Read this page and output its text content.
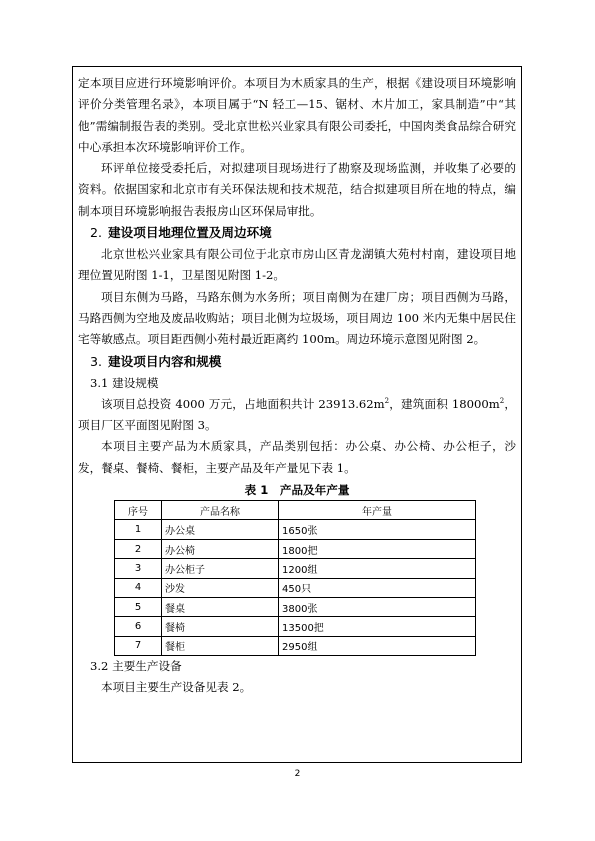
定本项目应进行环境影响评价。本项目为木质家具的生产，根据《建设项目环境影响评价分类管理名录》，本项目属于“N 轻工—15、锯材、木片加工，家具制造”中“其他”需编制报告表的类别。受北京世松兴业家具有限公司委托，中国肉类食品综合研究中心承担本次环境影响评价工作。

环评单位接受委托后，对拟建项目现场进行了勘察及现场监测，并收集了必要的资料。依据国家和北京市有关环保法规和技术规范，结合拟建项目所在地的特点，编制本项目环境影响报告表报房山区环保局审批。

2. 建设项目地理位置及周边环境

北京世松兴业家具有限公司位于北京市房山区青龙湖镇大苑村村南，建设项目地理位置见附图 1-1，卫星图见附图 1-2。

项目东侧为马路，马路东侧为水务所；项目南侧为在建厂房；项目西侧为马路，马路西侧为空地及废品收购站；项目北侧为垃圾场，项目周边 100 米内无集中居民住宅等敏感点。项目距西侧小苑村最近距离约 100m。周边环境示意图见附图 2。

3. 建设项目内容和规模
3.1 建设规模

该项目总投资 4000 万元，占地面积共计 $23913.62m^2$，建筑面积 $18000m^2$，项目厂区平面图见附图 3。

本项目主要产品为木质家具，产品类别包括：办公桌、办公椅、办公柜子，沙发，餐桌、餐椅、餐柜，主要产品及年产量见下表 1。

表 1　产品及年产量
序号	产品名称	年产量
1	办公桌	1650张
2	办公椅	1800把
3	办公柜子	1200组
4	沙发	450只
5	餐桌	3800张
6	餐椅	13500把
7	餐柜	2950组
3.2 主要生产设备

本项目主要生产设备见表 2。

2
